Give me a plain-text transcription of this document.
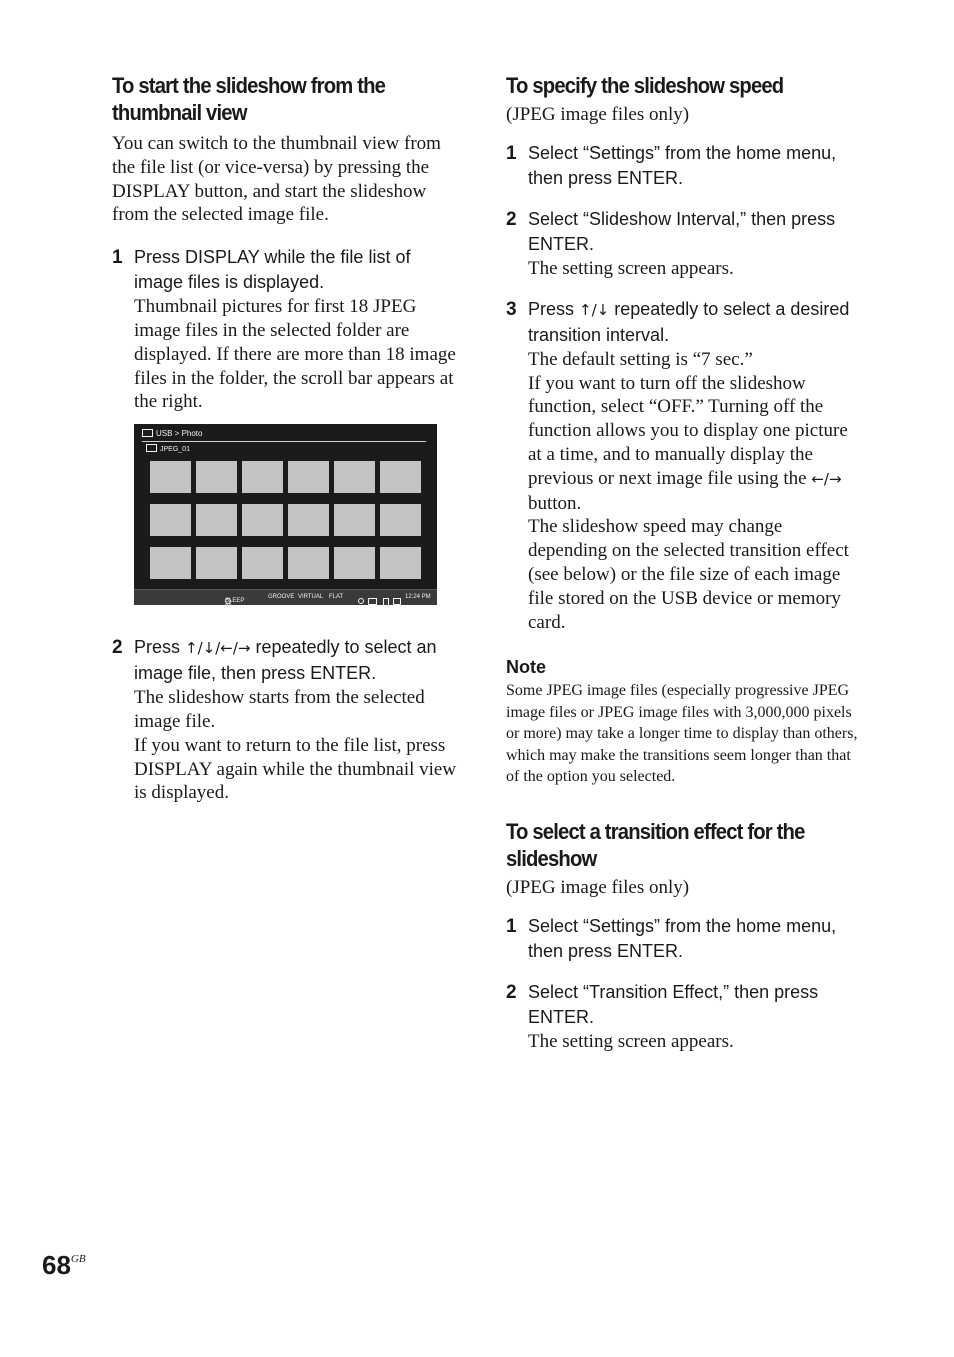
To start the slideshow from the
thumbnail view

You can switch to the thumbnail view from the file list (or vice-versa) by pressing the DISPLAY button, and start the slideshow from the selected image file.

1 Press DISPLAY while the file list of image files is displayed.

Thumbnail pictures for first 18 JPEG image files in the selected folder are displayed. If there are more than 18 image files in the folder, the scroll bar appears at the right.

USB > Photo
JPEG_01
SLEEP 90
GROOVE VIRTUAL FLAT	12:24 PM
2 Press ↑/↓/←/→ repeatedly to select an image file, then press ENTER.

The slideshow starts from the selected image file.

If you want to return to the file list, press DISPLAY again while the thumbnail view is displayed.

To specify the slideshow speed

(JPEG image files only)

1 Select “Settings” from the home menu, then press ENTER.

2 Select “Slideshow Interval,” then press ENTER.

The setting screen appears.

3 Press ↑/↓ repeatedly to select a desired transition interval.

The default setting is “7 sec.”

If you want to turn off the slideshow function, select “OFF.” Turning off the function allows you to display one picture at a time, and to manually display the previous or next image file using the ←/→ button.

The slideshow speed may change depending on the selected transition effect (see below) or the file size of each image file stored on the USB device or memory card.

Note

Some JPEG image files (especially progressive JPEG image files or JPEG image files with 3,000,000 pixels or more) may take a longer time to display than others, which may make the transitions seem longer than that of the option you selected.

To select a transition effect for the
slideshow

(JPEG image files only)

1 Select “Settings” from the home menu, then press ENTER.

2 Select “Transition Effect,” then press ENTER.

The setting screen appears.

$68^{GB}$
